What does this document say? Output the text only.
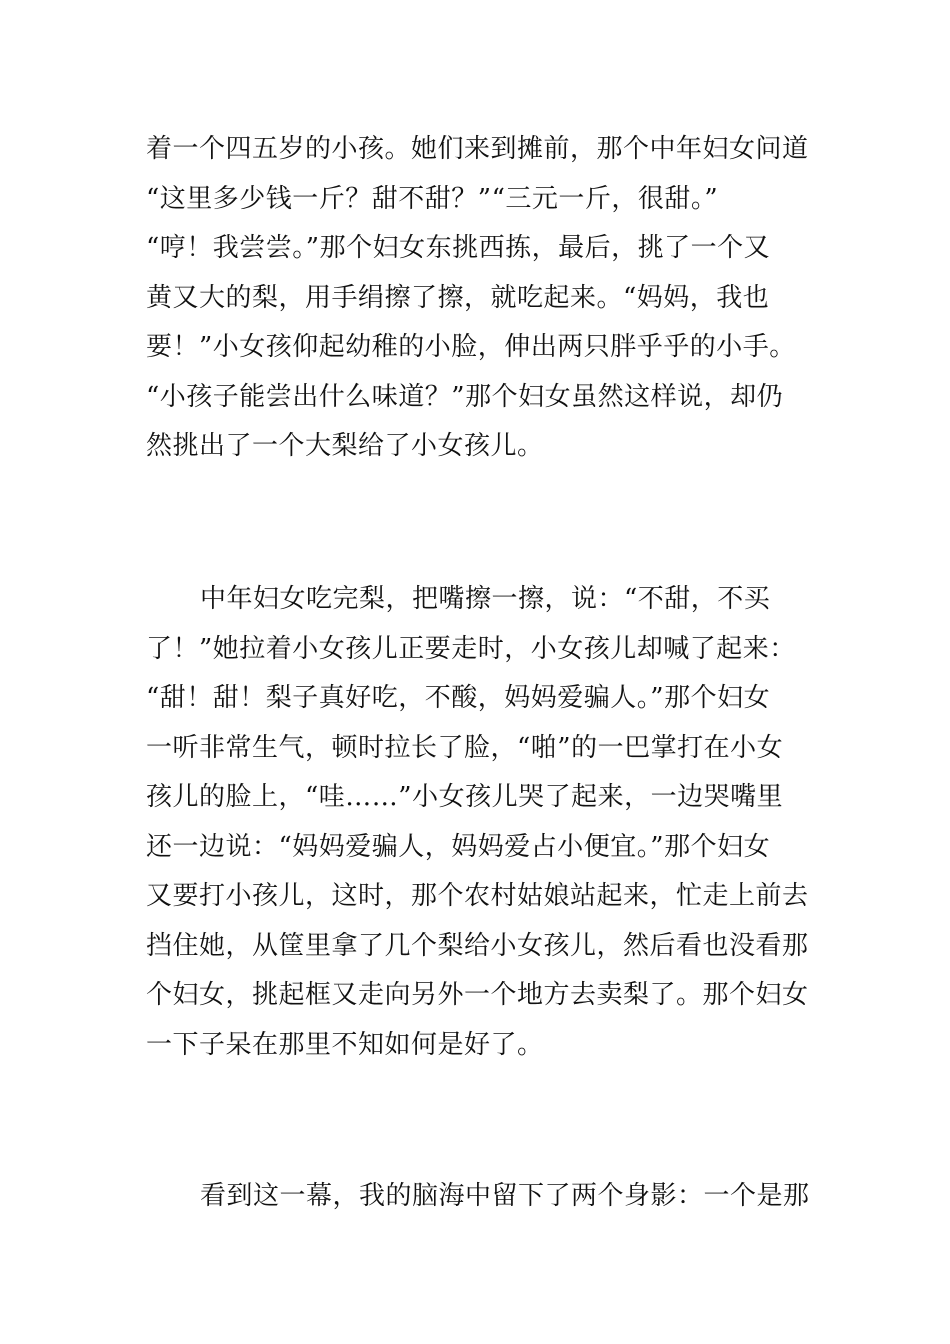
着一个四五岁的小孩。她们来到摊前，那个中年妇女问道
“这里多少钱一斤？甜不甜？”“三元一斤，很甜。”
“哼！我尝尝。”那个妇女东挑西拣，最后，挑了一个又
黄又大的梨，用手绢擦了擦，就吃起来。“妈妈，我也
要！”小女孩仰起幼稚的小脸，伸出两只胖乎乎的小手。
“小孩子能尝出什么味道？”那个妇女虽然这样说，却仍
然挑出了一个大梨给了小女孩儿。
中年妇女吃完梨，把嘴擦一擦，说：“不甜，不买
了！”她拉着小女孩儿正要走时，小女孩儿却喊了起来：
“甜！甜！梨子真好吃，不酸，妈妈爱骗人。”那个妇女
一听非常生气，顿时拉长了脸，“啪”的一巴掌打在小女
孩儿的脸上，“哇……”小女孩儿哭了起来，一边哭嘴里
还一边说：“妈妈爱骗人，妈妈爱占小便宜。”那个妇女
又要打小孩儿，这时，那个农村姑娘站起来，忙走上前去
挡住她，从筐里拿了几个梨给小女孩儿，然后看也没看那
个妇女，挑起框又走向另外一个地方去卖梨了。那个妇女
一下子呆在那里不知如何是好了。
看到这一幕，我的脑海中留下了两个身影：一个是那
